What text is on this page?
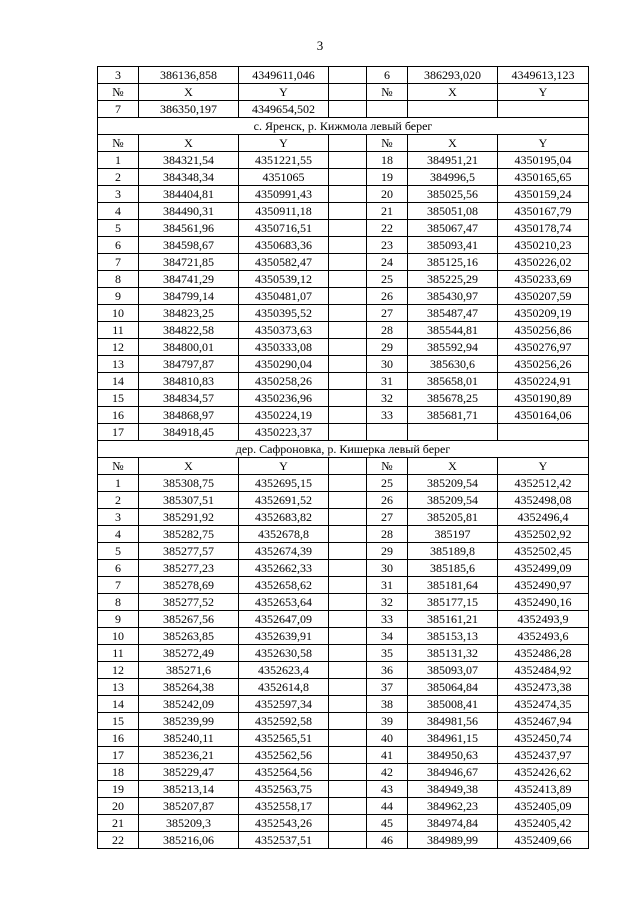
3
3	386136,858	4349611,046		6	386293,020	4349613,123
№	X	Y		№	X	Y
7	386350,197	4349654,502				
с. Яренск, р. Кижмола левый берег						
№	X	Y		№	X	Y
1	384321,54	4351221,55		18	384951,21	4350195,04
2	384348,34	4351065		19	384996,5	4350165,65
3	384404,81	4350991,43		20	385025,56	4350159,24
4	384490,31	4350911,18		21	385051,08	4350167,79
5	384561,96	4350716,51		22	385067,47	4350178,74
6	384598,67	4350683,36		23	385093,41	4350210,23
7	384721,85	4350582,47		24	385125,16	4350226,02
8	384741,29	4350539,12		25	385225,29	4350233,69
9	384799,14	4350481,07		26	385430,97	4350207,59
10	384823,25	4350395,52		27	385487,47	4350209,19
11	384822,58	4350373,63		28	385544,81	4350256,86
12	384800,01	4350333,08		29	385592,94	4350276,97
13	384797,87	4350290,04		30	385630,6	4350256,26
14	384810,83	4350258,26		31	385658,01	4350224,91
15	384834,57	4350236,96		32	385678,25	4350190,89
16	384868,97	4350224,19		33	385681,71	4350164,06
17	384918,45	4350223,37				
дер. Сафроновка, р. Кишерка левый берег						
№	X	Y		№	X	Y
1	385308,75	4352695,15		25	385209,54	4352512,42
2	385307,51	4352691,52		26	385209,54	4352498,08
3	385291,92	4352683,82		27	385205,81	4352496,4
4	385282,75	4352678,8		28	385197	4352502,92
5	385277,57	4352674,39		29	385189,8	4352502,45
6	385277,23	4352662,33		30	385185,6	4352499,09
7	385278,69	4352658,62		31	385181,64	4352490,97
8	385277,52	4352653,64		32	385177,15	4352490,16
9	385267,56	4352647,09		33	385161,21	4352493,9
10	385263,85	4352639,91		34	385153,13	4352493,6
11	385272,49	4352630,58		35	385131,32	4352486,28
12	385271,6	4352623,4		36	385093,07	4352484,92
13	385264,38	4352614,8		37	385064,84	4352473,38
14	385242,09	4352597,34		38	385008,41	4352474,35
15	385239,99	4352592,58		39	384981,56	4352467,94
16	385240,11	4352565,51		40	384961,15	4352450,74
17	385236,21	4352562,56		41	384950,63	4352437,97
18	385229,47	4352564,56		42	384946,67	4352426,62
19	385213,14	4352563,75		43	384949,38	4352413,89
20	385207,87	4352558,17		44	384962,23	4352405,09
21	385209,3	4352543,26		45	384974,84	4352405,42
22	385216,06	4352537,51		46	384989,99	4352409,66
